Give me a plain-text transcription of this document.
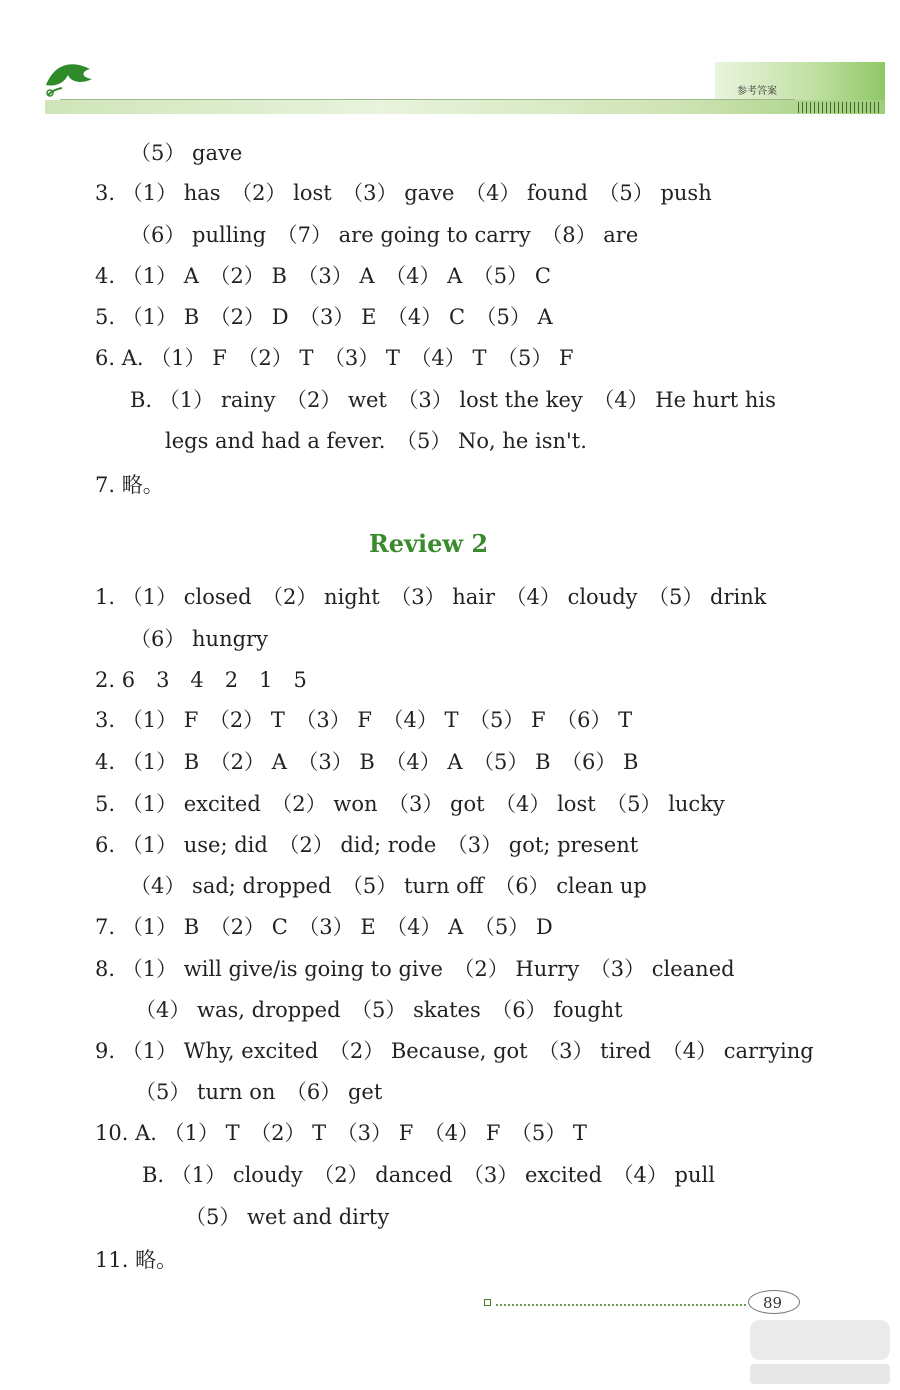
参考答案
（5） gave
3. （1） has　（2） lost　（3） gave　（4） found　（5） push
（6） pulling　（7） are going to carry　（8） are
4. （1） A　（2） B　（3） A　（4） A　（5） C
5. （1） B　（2） D　（3） E　（4） C　（5） A
6. A. （1） F　（2） T　（3） T　（4） T　（5） F
B. （1） rainy　（2） wet　（3） lost the key　（4） He hurt his
legs and had a fever.　（5） No, he isn't.
7. 略。
Review 2
1. （1） closed　（2） night　（3） hair　（4） cloudy　（5） drink
（6） hungry
2. 6　3　4　2　1　5
3. （1） F　（2） T　（3） F　（4） T　（5） F　（6） T
4. （1） B　（2） A　（3） B　（4） A　（5） B　（6） B
5. （1） excited　（2） won　（3） got　（4） lost　（5） lucky
6. （1） use; did　（2） did; rode　（3） got; present
（4） sad; dropped　（5） turn off　（6） clean up
7. （1） B　（2） C　（3） E　（4） A　（5） D
8. （1） will give/is going to give　（2） Hurry　（3） cleaned
（4） was, dropped　（5） skates　（6） fought
9. （1） Why, excited　（2） Because, got　（3） tired　（4） carrying
（5） turn on　（6） get
10. A. （1） T　（2） T　（3） F　（4） F　（5） T
B. （1） cloudy　（2） danced　（3） excited　（4） pull
（5） wet and dirty
11. 略。
89
